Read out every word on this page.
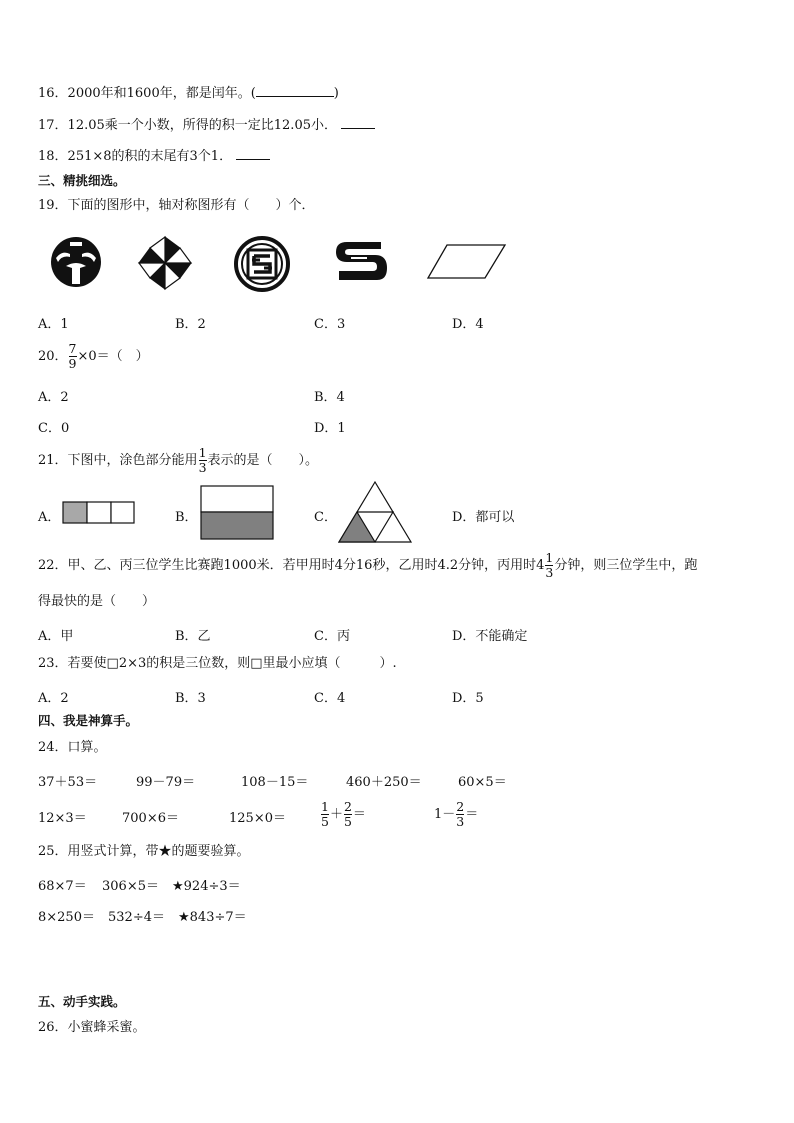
16．2000年和1600年，都是闰年。(	)
17．12.05乘一个小数，所得的积一定比12.05小．
18．251×8的积的末尾有3个1．
三、精挑细选。
19．下面的图形中，轴对称图形有（　　）个．
A．1	B．2	C．3	D．4
20． $\frac{7}{9} \times 0=$（　）
A．2	B．4
C．0	D．1
21．下图中，涂色部分能用 $\frac{1}{3}$ 表示的是（　　）。
A．	B．	C．	D．都可以
22．甲、乙、丙三位学生比赛跑1000米．若甲用时4分16秒，乙用时4.2分钟，丙用时$4 \frac{1}{3}$ 分钟，则三位学生中，跑
得最快的是（　　）
A．甲	B．乙	C．丙	D．不能确定
23．若要使□2×3的积是三位数，则□里最小应填（　　　）.
A．2	B．3	C．4	D．5
四、我是神算手。
24．口算。
37＋53＝	99－79＝	108－15＝	460＋250＝	60×5＝
12×3＝	700×6＝	125×0＝	$\frac{1}{5} + \frac{2}{5}$ ＝	$1- \frac{2}{3}$ ＝
25．用竖式计算，带★的题要验算。
68×7＝ 306×5＝ ★924÷3＝
8×250＝ 532÷4＝ ★843÷7＝
五、动手实践。
26．小蜜蜂采蜜。
